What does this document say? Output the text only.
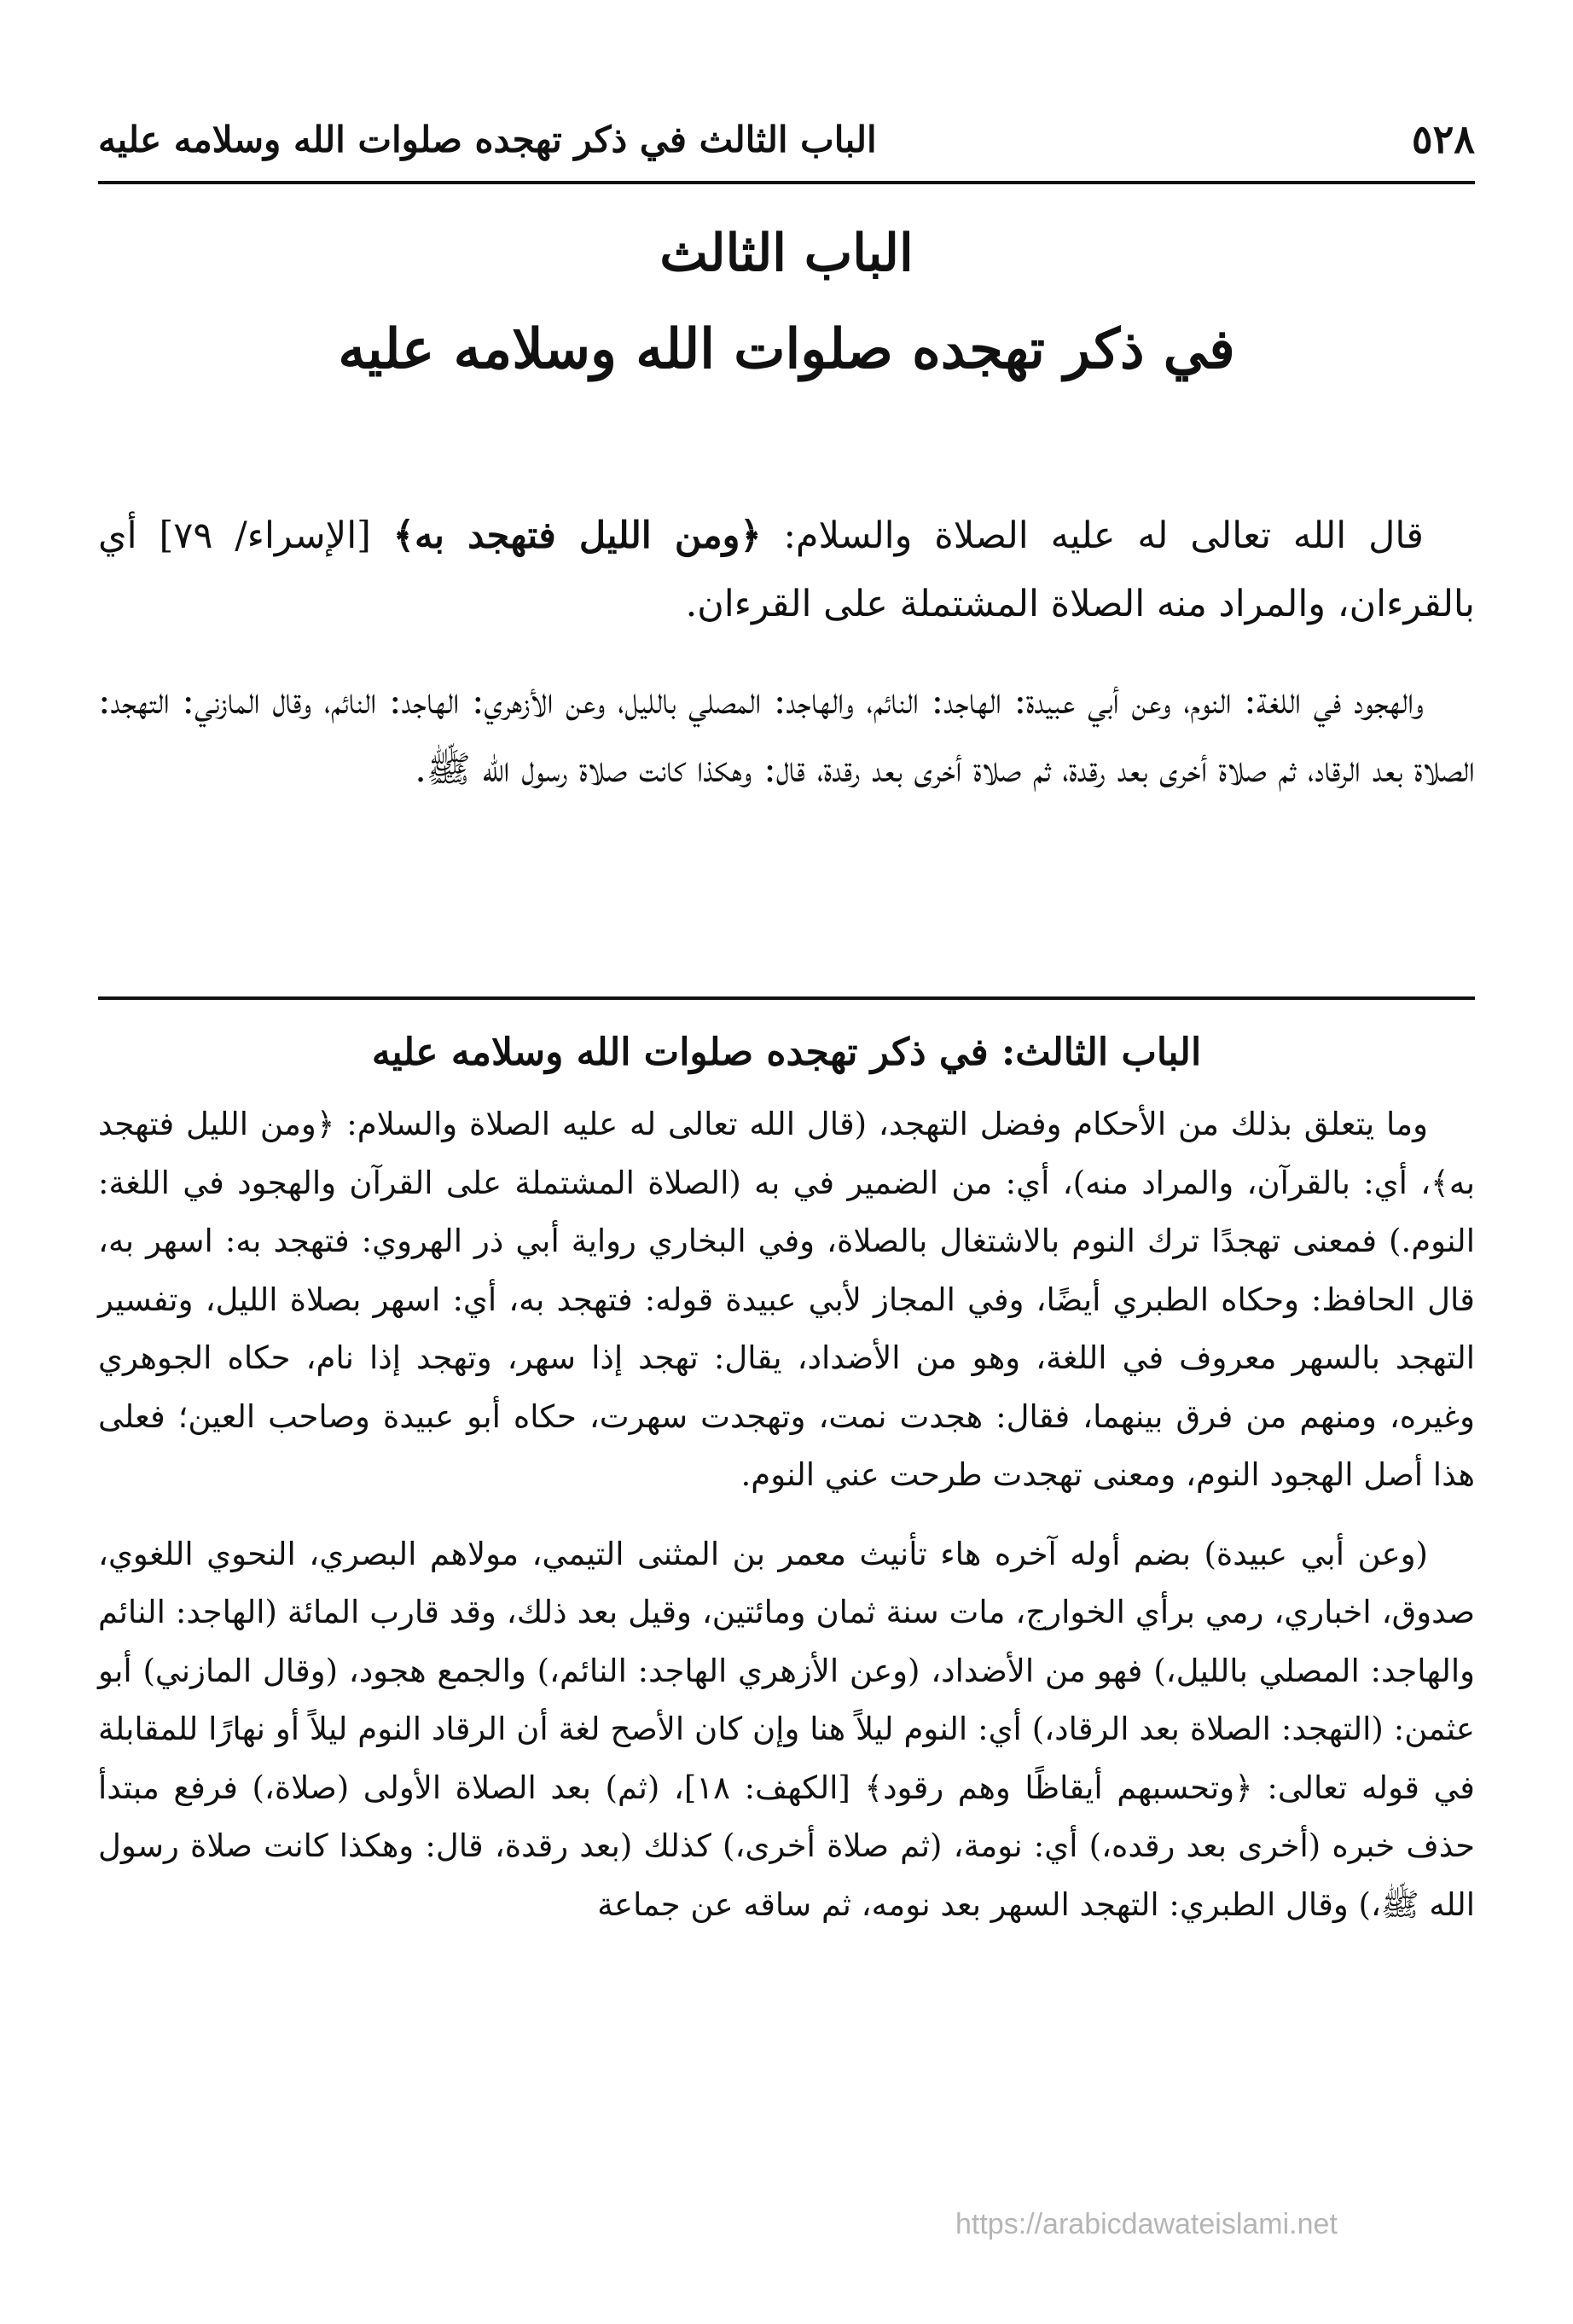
٥٢٨
الباب الثالث في ذكر تهجده صلوات الله وسلامه عليه
الباب الثالث
في ذكر تهجده صلوات الله وسلامه عليه

قال الله تعالى له عليه الصلاة والسلام: ﴿ومن الليل فتهجد به﴾ [الإسراء/ ٧٩] أي بالقرءان، والمراد منه الصلاة المشتملة على القرءان.

والهجود في اللغة: النوم، وعن أبي عبيدة: الهاجد: النائم، والهاجد: المصلي بالليل، وعن الأزهري: الهاجد: النائم، وقال المازني: التهجد: الصلاة بعد الرقاد، ثم صلاة أخرى بعد رقدة، ثم صلاة أخرى بعد رقدة، قال: وهكذا كانت صلاة رسول الله ﷺ.

الباب الثالث: في ذكر تهجده صلوات الله وسلامه عليه

وما يتعلق بذلك من الأحكام وفضل التهجد، (قال الله تعالى له عليه الصلاة والسلام: ﴿ومن الليل فتهجد به﴾، أي: بالقرآن، والمراد منه)، أي: من الضمير في به (الصلاة المشتملة على القرآن والهجود في اللغة: النوم.) فمعنى تهجدًا ترك النوم بالاشتغال بالصلاة، وفي البخاري رواية أبي ذر الهروي: فتهجد به: اسهر به، قال الحافظ: وحكاه الطبري أيضًا، وفي المجاز لأبي عبيدة قوله: فتهجد به، أي: اسهر بصلاة الليل، وتفسير التهجد بالسهر معروف في اللغة، وهو من الأضداد، يقال: تهجد إذا سهر، وتهجد إذا نام، حكاه الجوهري وغيره، ومنهم من فرق بينهما، فقال: هجدت نمت، وتهجدت سهرت، حكاه أبو عبيدة وصاحب العين؛ فعلى هذا أصل الهجود النوم، ومعنى تهجدت طرحت عني النوم.

(وعن أبي عبيدة) بضم أوله آخره هاء تأنيث معمر بن المثنى التيمي، مولاهم البصري، النحوي اللغوي، صدوق، اخباري، رمي برأي الخوارج، مات سنة ثمان ومائتين، وقيل بعد ذلك، وقد قارب المائة (الهاجد: النائم والهاجد: المصلي بالليل،) فهو من الأضداد، (وعن الأزهري الهاجد: النائم،) والجمع هجود، (وقال المازني) أبو عثمن: (التهجد: الصلاة بعد الرقاد،) أي: النوم ليلاً هنا وإن كان الأصح لغة أن الرقاد النوم ليلاً أو نهارًا للمقابلة في قوله تعالى: ﴿وتحسبهم أيقاظًا وهم رقود﴾ [الكهف: ١٨]، (ثم) بعد الصلاة الأولى (صلاة،) فرفع مبتدأ حذف خبره (أخرى بعد رقده،) أي: نومة، (ثم صلاة أخرى،) كذلك (بعد رقدة، قال: وهكذا كانت صلاة رسول الله ﷺ،) وقال الطبري: التهجد السهر بعد نومه، ثم ساقه عن جماعة

https://arabicdawateislami.net
